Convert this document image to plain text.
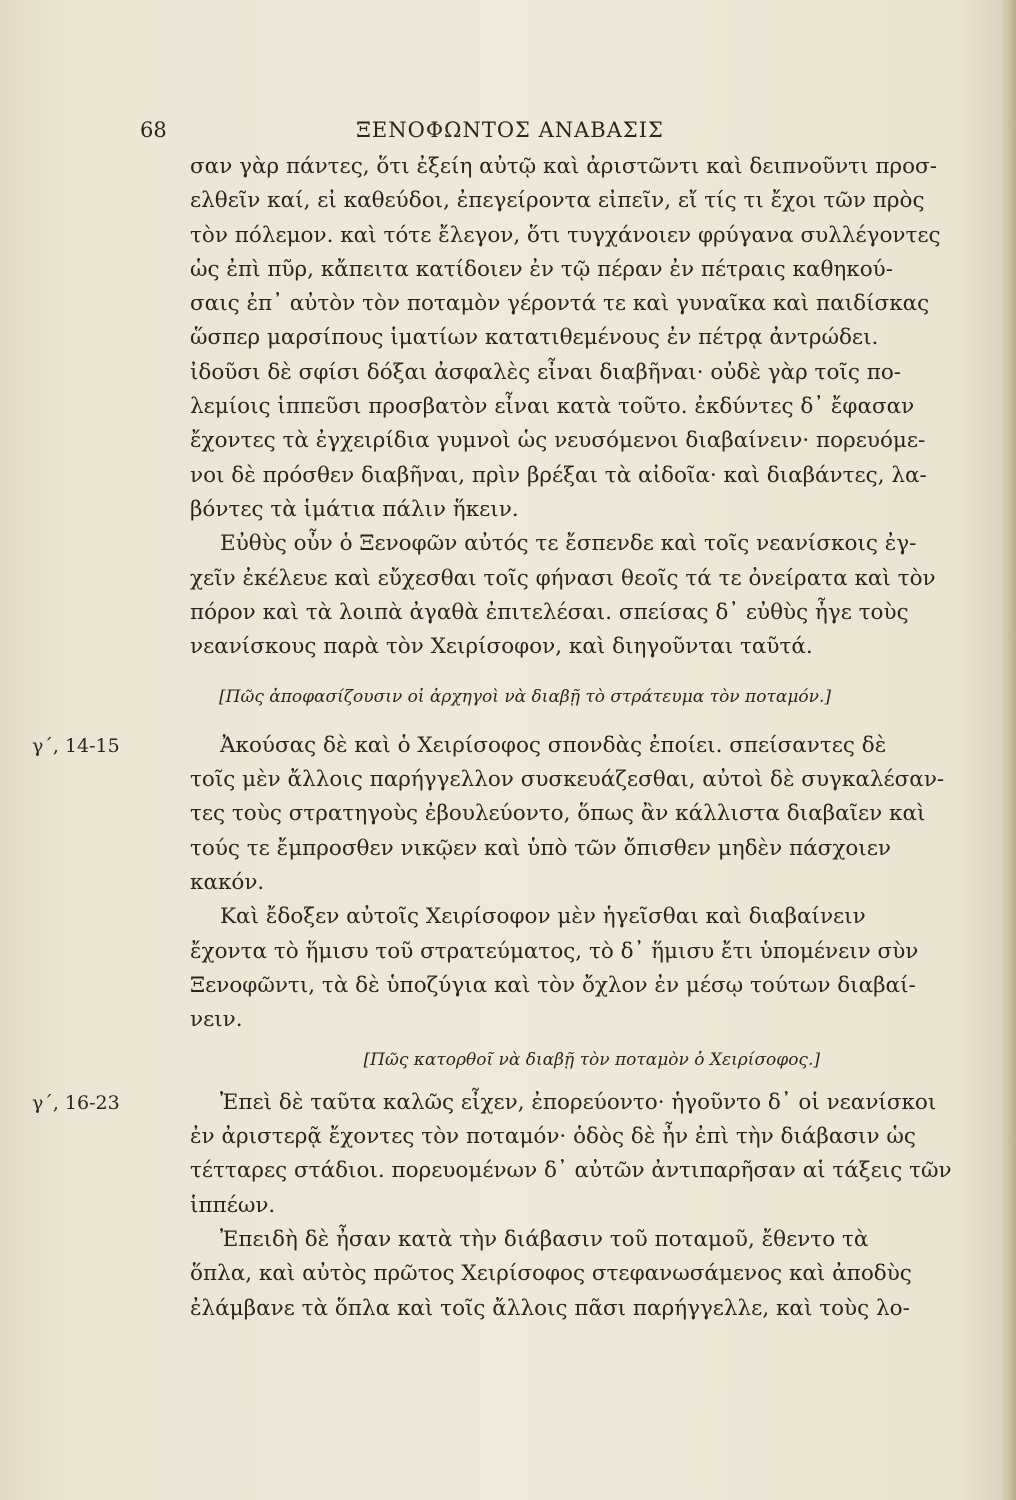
68	ΞΕΝΟΦΩΝΤΟΣ ΑΝΑΒΑΣΙΣ

σαν γὰρ πάντες, ὅτι ἐξείη αὐτῷ καὶ ἀριστῶντι καὶ δειπνοῦντι προσ-
ελθεῖν καί, εἰ καθεύδοι, ἐπεγείροντα εἰπεῖν, εἴ τίς τι ἔχοι τῶν πρὸς
τὸν πόλεμον. καὶ τότε ἔλεγον, ὅτι τυγχάνοιεν φρύγανα συλλέγοντες
ὡς ἐπὶ πῦρ, κἄπειτα κατίδοιεν ἐν τῷ πέραν ἐν πέτραις καθηκού-
σαις ἐπ᾿ αὐτὸν τὸν ποταμὸν γέροντά τε καὶ γυναῖκα καὶ παιδίσκας
ὥσπερ μαρσίπους ἱματίων κατατιθεμένους ἐν πέτρᾳ ἀντρώδει.
ἰδοῦσι δὲ σφίσι δόξαι ἀσφαλὲς εἶναι διαβῆναι· οὐδὲ γὰρ τοῖς πο-
λεμίοις ἱππεῦσι προσβατὸν εἶναι κατὰ τοῦτο. ἐκδύντες δ᾿ ἔφασαν
ἔχοντες τὰ ἐγχειρίδια γυμνοὶ ὡς νευσόμενοι διαβαίνειν· πορευόμε-
νοι δὲ πρόσθεν διαβῆναι, πρὶν βρέξαι τὰ αἰδοῖα· καὶ διαβάντες, λα-
βόντες τὰ ἱμάτια πάλιν ἥκειν.

Εὐθὺς οὖν ὁ Ξενοφῶν αὐτός τε ἔσπενδε καὶ τοῖς νεανίσκοις ἐγ-
χεῖν ἐκέλευε καὶ εὔχεσθαι τοῖς φήνασι θεοῖς τά τε ὀνείρατα καὶ τὸν
πόρον καὶ τὰ λοιπὰ ἀγαθὰ ἐπιτελέσαι. σπείσας δ᾿ εὐθὺς ἦγε τοὺς
νεανίσκους παρὰ τὸν Χειρίσοφον, καὶ διηγοῦνται ταῦτά.

[Πῶς ἀποφασίζουσιν οἱ ἀρχηγοὶ νὰ διαβῇ τὸ στράτευμα τὸν ποταμόν.]
γ΄, 14-15	Ἀκούσας δὲ καὶ ὁ Χειρίσοφος σπονδὰς ἐποίει. σπείσαντες δὲ
τοῖς μὲν ἄλλοις παρήγγελλον συσκευάζεσθαι, αὐτοὶ δὲ συγκαλέσαν-
τες τοὺς στρατηγοὺς ἐβουλεύοντο, ὅπως ἂν κάλλιστα διαβαῖεν καὶ
τούς τε ἔμπροσθεν νικῷεν καὶ ὑπὸ τῶν ὄπισθεν μηδὲν πάσχοιεν
κακόν.

Καὶ ἔδοξεν αὐτοῖς Χειρίσοφον μὲν ἡγεῖσθαι καὶ διαβαίνειν
ἔχοντα τὸ ἥμισυ τοῦ στρατεύματος, τὸ δ᾿ ἥμισυ ἔτι ὑπομένειν σὺν
Ξενοφῶντι, τὰ δὲ ὑποζύγια καὶ τὸν ὄχλον ἐν μέσῳ τούτων διαβαί-
νειν.

[Πῶς κατορθοῖ νὰ διαβῇ τὸν ποταμὸν ὁ Χειρίσοφος.]
γ΄, 16-23	Ἐπεὶ δὲ ταῦτα καλῶς εἶχεν, ἐπορεύοντο· ἡγοῦντο δ᾿ οἱ νεανίσκοι
ἐν ἀριστερᾷ ἔχοντες τὸν ποταμόν· ὁδὸς δὲ ἦν ἐπὶ τὴν διάβασιν ὡς
τέτταρες στάδιοι. πορευομένων δ᾿ αὐτῶν ἀντιπαρῆσαν αἱ τάξεις τῶν
ἱππέων.

Ἐπειδὴ δὲ ἦσαν κατὰ τὴν διάβασιν τοῦ ποταμοῦ, ἔθεντο τὰ
ὅπλα, καὶ αὐτὸς πρῶτος Χειρίσοφος στεφανωσάμενος καὶ ἀποδὺς
ἐλάμβανε τὰ ὅπλα καὶ τοῖς ἄλλοις πᾶσι παρήγγελλε, καὶ τοὺς λο-
